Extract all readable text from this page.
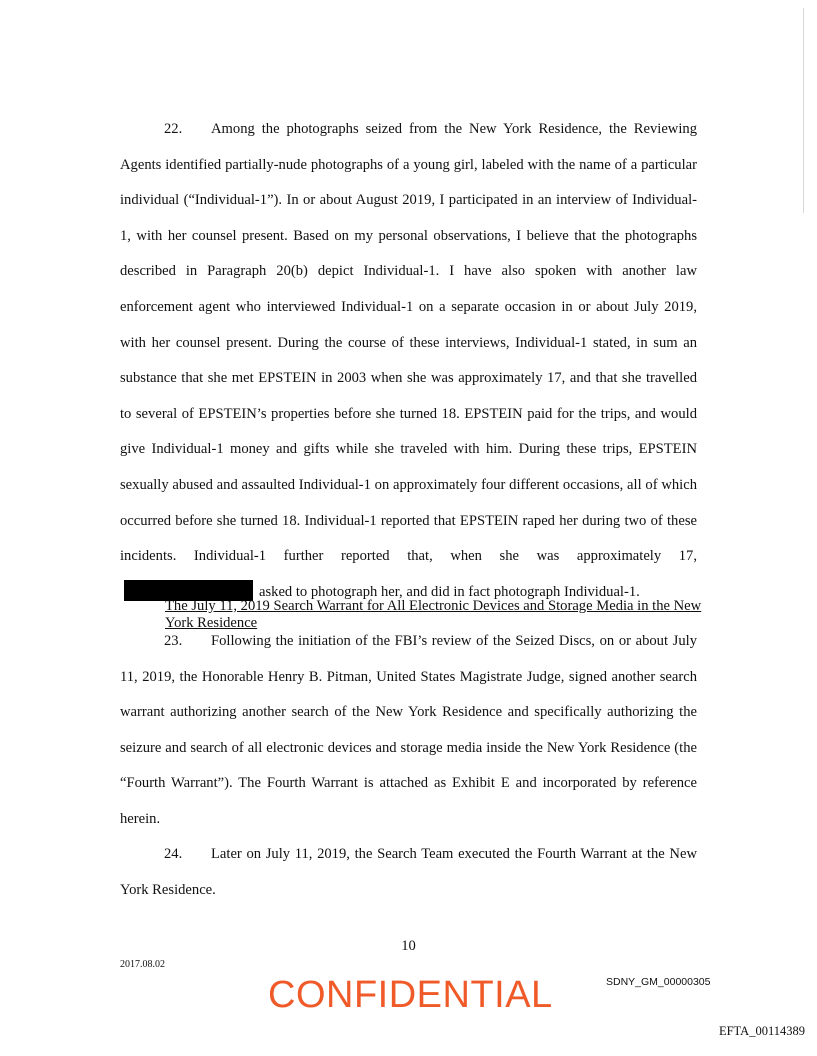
22. Among the photographs seized from the New York Residence, the Reviewing Agents identified partially-nude photographs of a young girl, labeled with the name of a particular individual (“Individual-1”). In or about August 2019, I participated in an interview of Individual-1, with her counsel present. Based on my personal observations, I believe that the photographs described in Paragraph 20(b) depict Individual-1. I have also spoken with another law enforcement agent who interviewed Individual-1 on a separate occasion in or about July 2019, with her counsel present. During the course of these interviews, Individual-1 stated, in sum an substance that she met EPSTEIN in 2003 when she was approximately 17, and that she travelled to several of EPSTEIN’s properties before she turned 18. EPSTEIN paid for the trips, and would give Individual-1 money and gifts while she traveled with him. During these trips, EPSTEIN sexually abused and assaulted Individual-1 on approximately four different occasions, all of which occurred before she turned 18. Individual-1 reported that EPSTEIN raped her during two of these incidents. Individual-1 further reported that, when she was approximately 17,asked to photograph her, and did in fact photograph Individual-1.

The July 11, 2019 Search Warrant for All Electronic Devices and Storage Media in the New York Residence

23. Following the initiation of the FBI’s review of the Seized Discs, on or about July 11, 2019, the Honorable Henry B. Pitman, United States Magistrate Judge, signed another search warrant authorizing another search of the New York Residence and specifically authorizing the seizure and search of all electronic devices and storage media inside the New York Residence (the “Fourth Warrant”). The Fourth Warrant is attached as Exhibit E and incorporated by reference herein.

24. Later on July 11, 2019, the Search Team executed the Fourth Warrant at the New York Residence.

10
2017.08.02
CONFIDENTIAL	SDNY_GM_00000305
EFTA_00114389
